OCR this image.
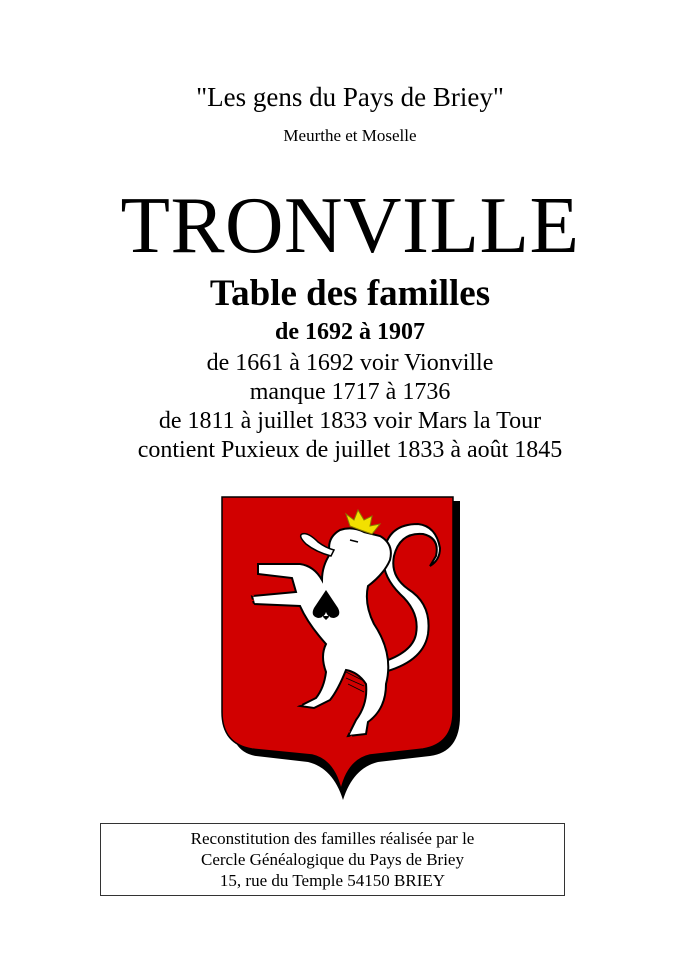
"Les gens du Pays de Briey"
Meurthe et Moselle
TRONVILLE
Table des familles
de 1692 à 1907
de 1661 à 1692 voir Vionville
manque 1717 à 1736
de 1811 à juillet 1833 voir Mars la Tour
contient Puxieux de juillet 1833 à août 1845
Reconstitution des familles réalisée par le
Cercle Généalogique du Pays de Briey
15, rue du Temple 54150 BRIEY
